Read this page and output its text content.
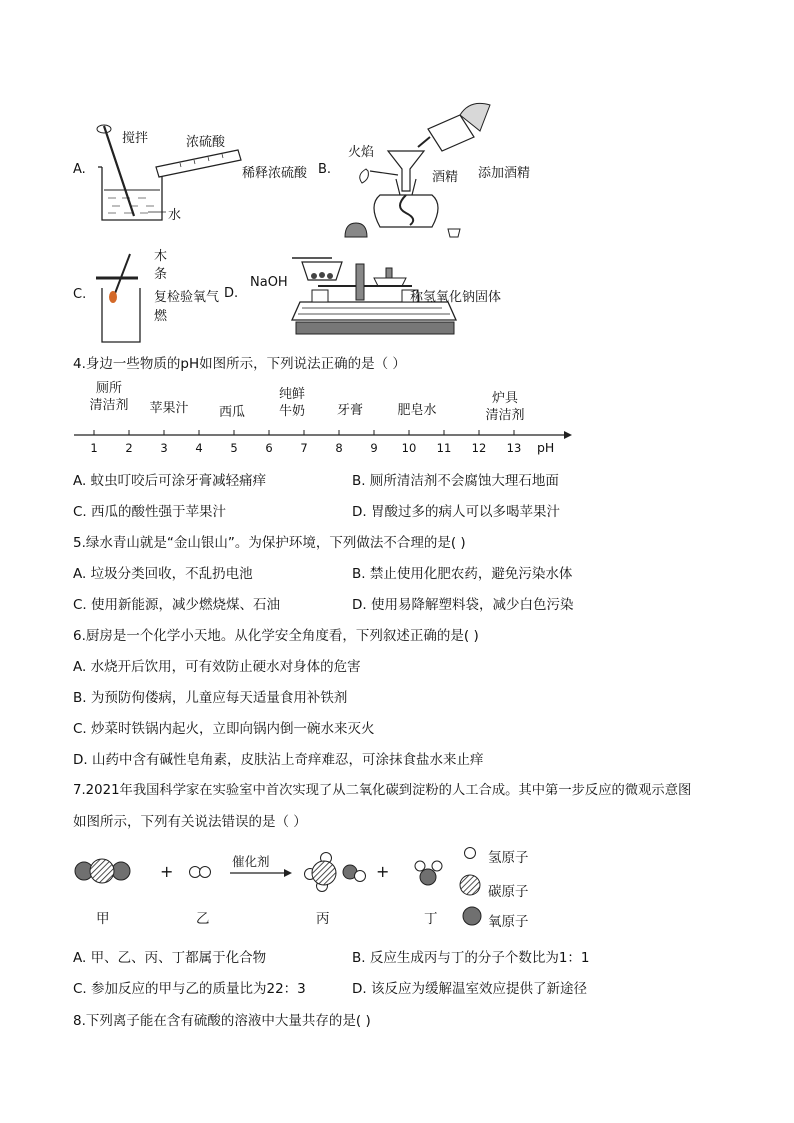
A.
搅拌	浓硫酸
水
稀释浓硫酸 B.
火焰
酒精 添加酒精
C.
木条
复检验氧气
燃
D.
NaOH
称氢氧化钠固体
4.身边一些物质的pH如图所示，下列说法正确的是（ ）
厕所
清洁剂	苹果汁	西瓜
纯鲜
牛奶	牙膏	肥皂水
炉具
清洁剂
1 2 3 4 5 6 7 8 9 10 11 12 13 pH
A. 蚊虫叮咬后可涂牙膏减轻痛痒	B. 厕所清洁剂不会腐蚀大理石地面
C. 西瓜的酸性强于苹果汁	D. 胃酸过多的病人可以多喝苹果汁
5.绿水青山就是“金山银山”。为保护环境，下列做法不合理的是( )
A. 垃圾分类回收，不乱扔电池	B. 禁止使用化肥农药，避免污染水体
C. 使用新能源，减少燃烧煤、石油	D. 使用易降解塑料袋，减少白色污染
6.厨房是一个化学小天地。从化学安全角度看，下列叙述正确的是( )
A. 水烧开后饮用，可有效防止硬水对身体的危害
B. 为预防佝偻病，儿童应每天适量食用补铁剂
C. 炒菜时铁锅内起火，立即向锅内倒一碗水来灭火
D. 山药中含有碱性皂角素，皮肤沾上奇痒难忍，可涂抹食盐水来止痒
7.2021年我国科学家在实验室中首次实现了从二氧化碳到淀粉的人工合成。其中第一步反应的微观示意图
如图所示，下列有关说法错误的是（ ）
+	+
催化剂
甲	乙	丙	丁
氢原子
碳原子
氧原子
A. 甲、乙、丙、丁都属于化合物	B. 反应生成丙与丁的分子个数比为1：1
C. 参加反应的甲与乙的质量比为22：3	D. 该反应为缓解温室效应提供了新途径
8.下列离子能在含有硫酸的溶液中大量共存的是( )
